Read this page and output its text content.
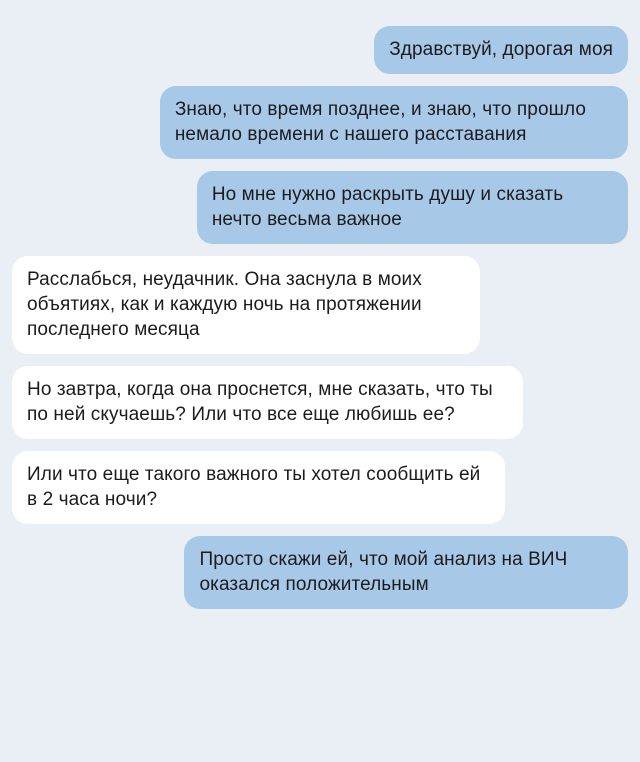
Здравствуй, дорогая моя
Знаю, что время позднее, и знаю, что прошло немало времени с нашего расставания
Но мне нужно раскрыть душу и сказать нечто весьма важное
Расслабься, неудачник. Она заснула в моих объятиях, как и каждую ночь на протяжении последнего месяца
Но завтра, когда она проснется, мне сказать, что ты по ней скучаешь? Или что все еще любишь ее?
Или что еще такого важного ты хотел сообщить ей в 2 часа ночи?
Просто скажи ей, что мой анализ на ВИЧ оказался положительным
